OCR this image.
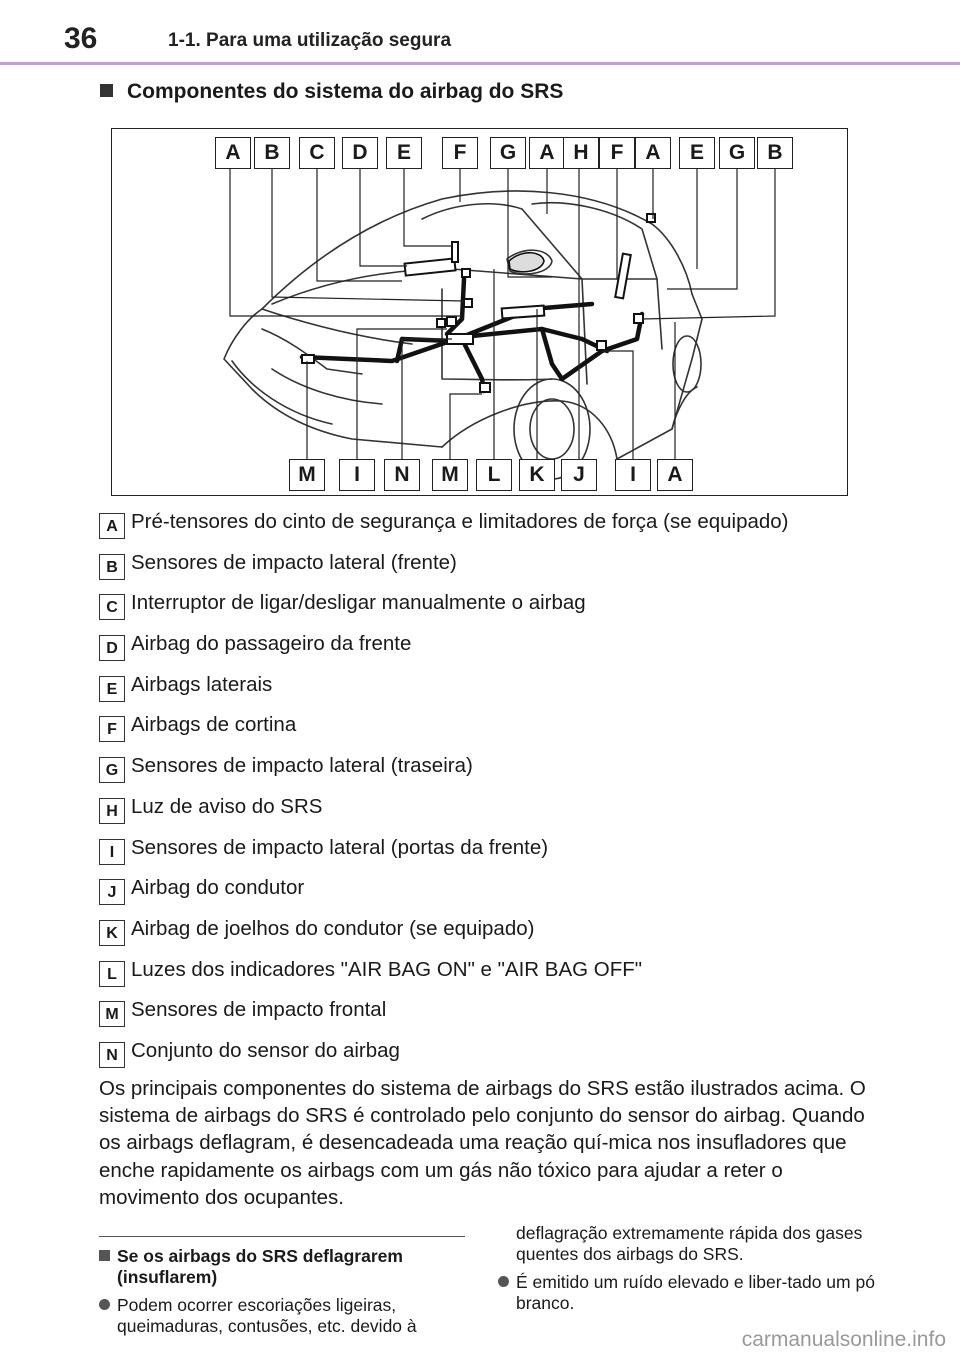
36	1-1. Para uma utilização segura
Componentes do sistema do airbag do SRS
A	B	C	D	E	F	G	A H	F	A	E	G	B
M	I	N	M	L	K	J	I	A
A Pré-tensores do cinto de segurança e limitadores de força (se equipado)
B Sensores de impacto lateral (frente)
C Interruptor de ligar/desligar manualmente o airbag
D Airbag do passageiro da frente
E Airbags laterais
F Airbags de cortina
G Sensores de impacto lateral (traseira)
H Luz de aviso do SRS
I Sensores de impacto lateral (portas da frente)
J Airbag do condutor
K Airbag de joelhos do condutor (se equipado)
L Luzes dos indicadores "AIR BAG ON" e "AIR BAG OFF"
M Sensores de impacto frontal
N Conjunto do sensor do airbag
Os principais componentes do sistema de airbags do SRS estão ilustrados acima. O sistema de airbags do SRS é controlado pelo conjunto do sensor do airbag. Quando os airbags deflagram, é desencadeada uma reação quí-mica nos insufladores que enche rapidamente os airbags com um gás não tóxico para ajudar a reter o movimento dos ocupantes.
Se os airbags do SRS deflagrarem (insuflarem)
Podem ocorrer escoriações ligeiras, queimaduras, contusões, etc. devido à
deflagração extremamente rápida dos gases quentes dos airbags do SRS.
É emitido um ruído elevado e liber-tado um pó branco.
carmanualsonline.info
